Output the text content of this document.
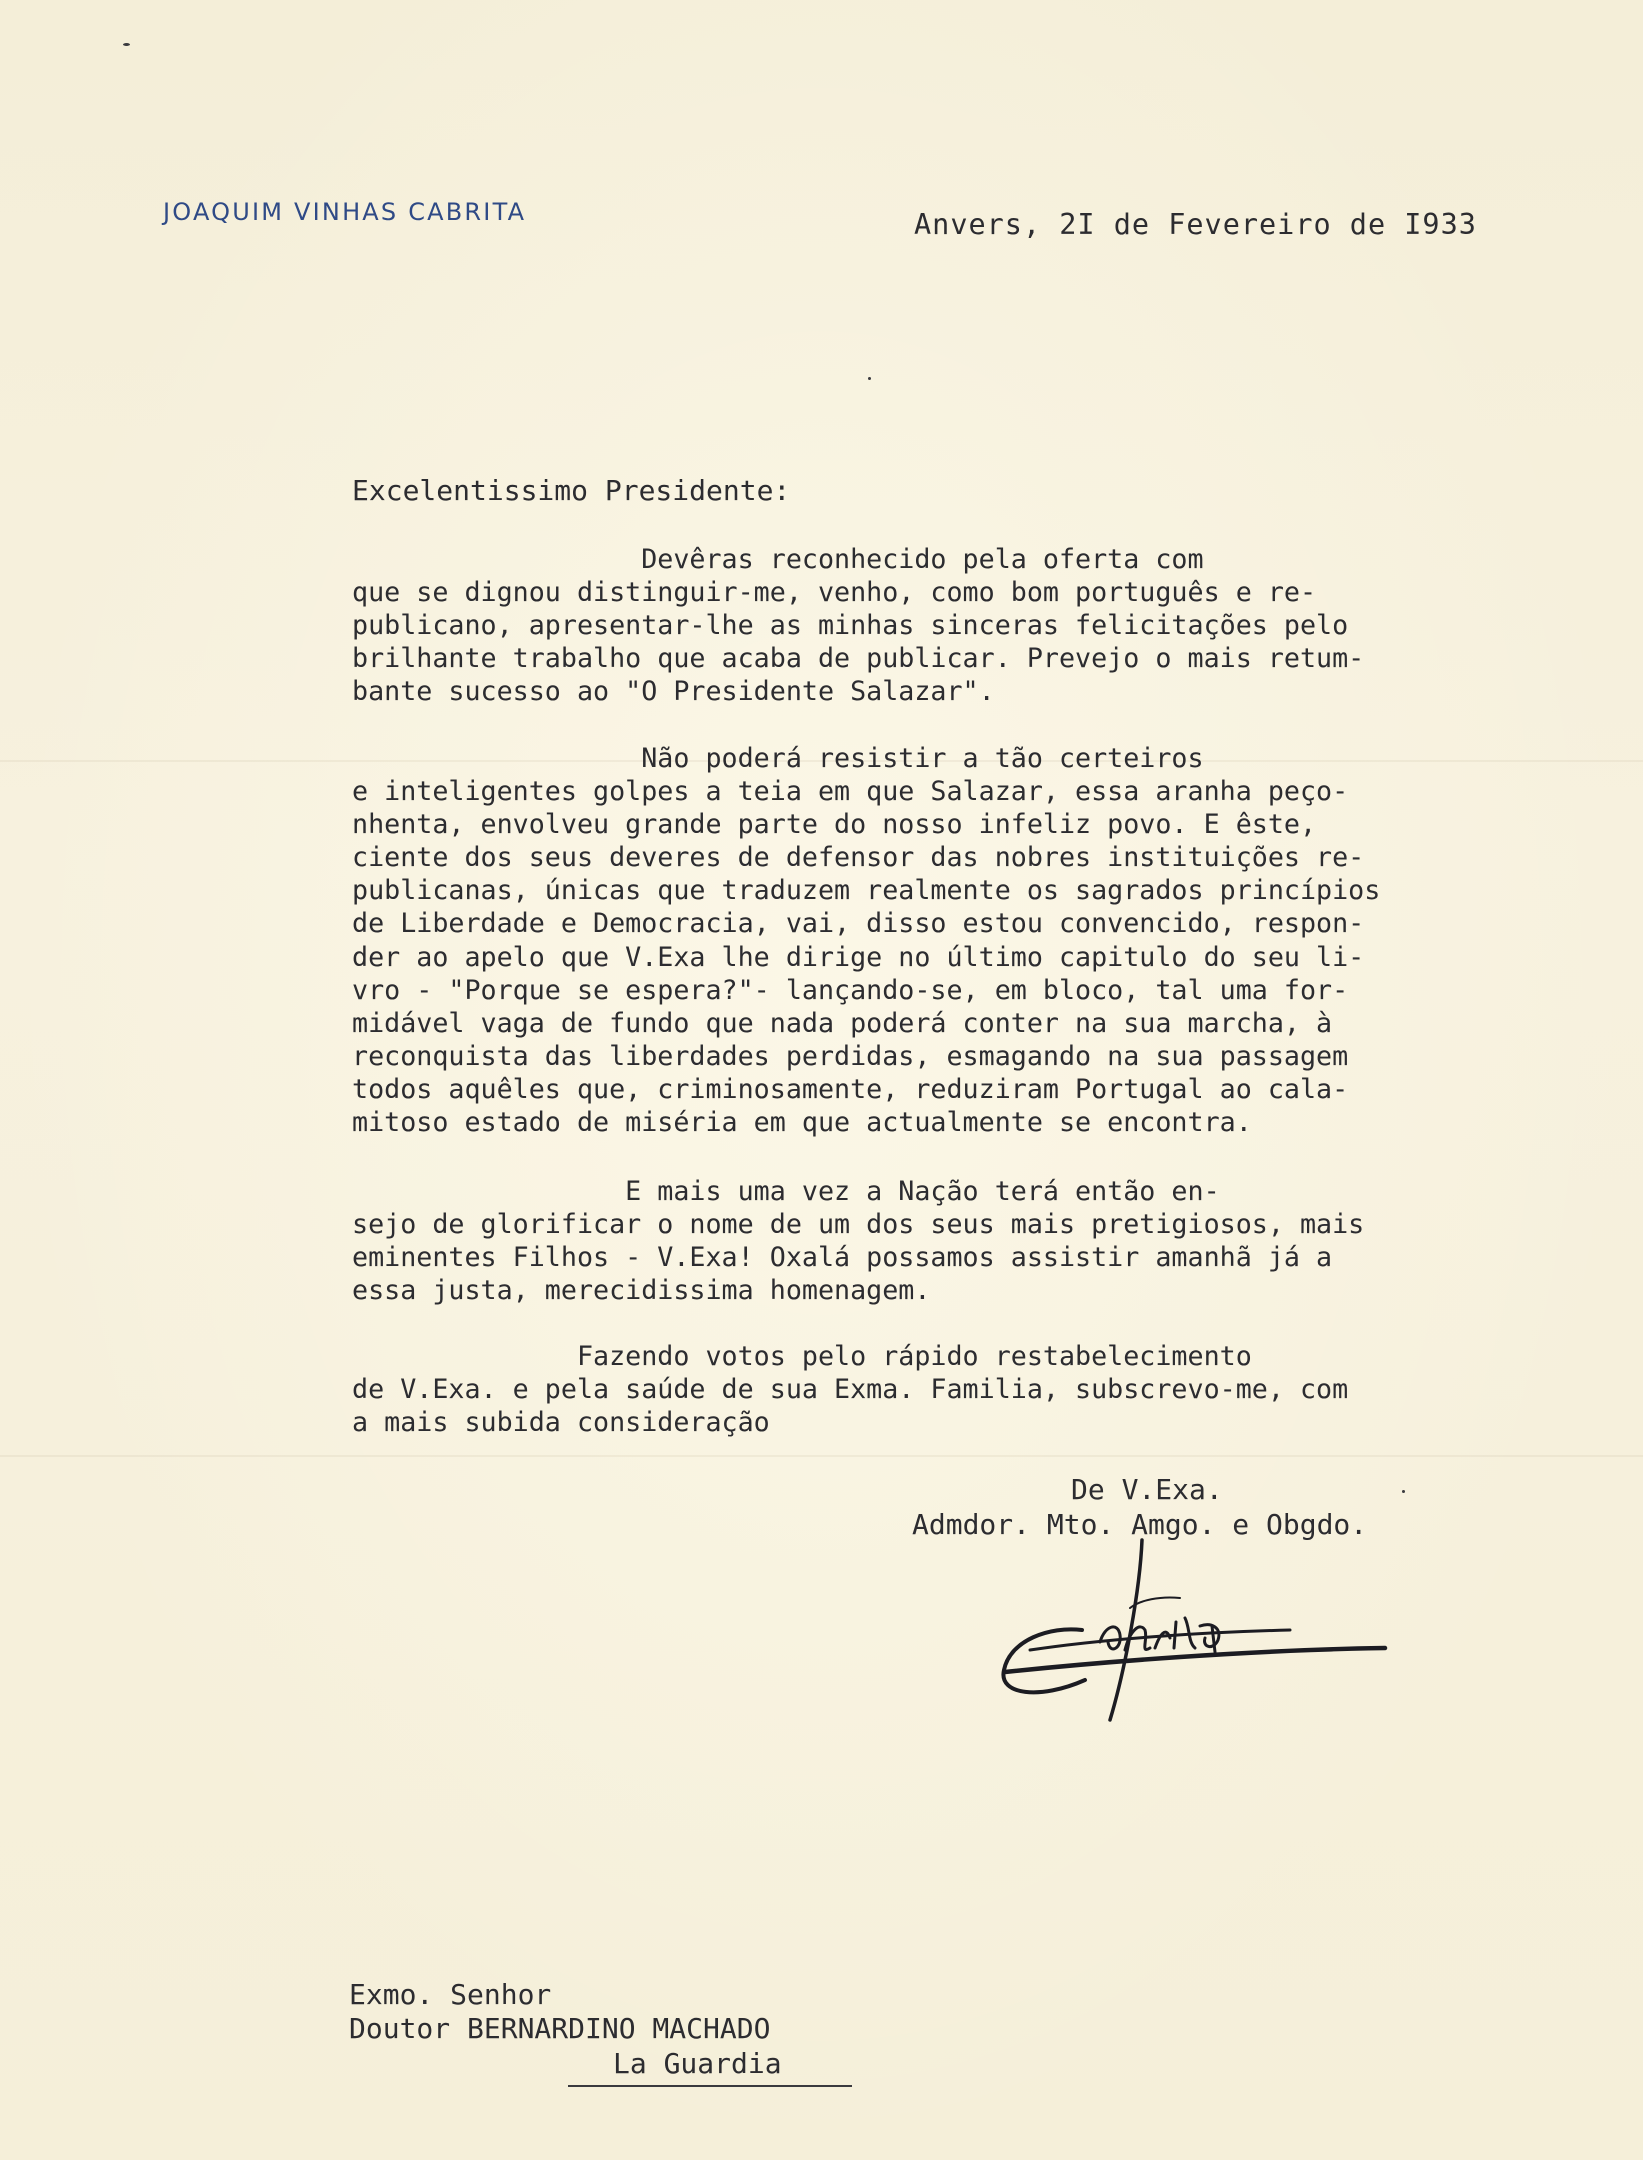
JOAQUIM VINHAS CABRITA	Anvers, 2I de Fevereiro de I933
Excelentissimo Presidente:
Devêras reconhecido pela oferta com
que se dignou distinguir-me, venho, como bom português e re-
publicano, apresentar-lhe as minhas sinceras felicitações pelo
brilhante trabalho que acaba de publicar. Prevejo o mais retum-
bante sucesso ao "O Presidente Salazar".
Não poderá resistir a tão certeiros
e inteligentes golpes a teia em que Salazar, essa aranha peço-
nhenta, envolveu grande parte do nosso infeliz povo. E êste,
ciente dos seus deveres de defensor das nobres instituições re-
publicanas, únicas que traduzem realmente os sagrados princípios
de Liberdade e Democracia, vai, disso estou convencido, respon-
der ao apelo que V.Exa lhe dirige no último capitulo do seu li-
vro - "Porque se espera?"- lançando-se, em bloco, tal uma for-
midável vaga de fundo que nada poderá conter na sua marcha, à
reconquista das liberdades perdidas, esmagando na sua passagem
todos aquêles que, criminosamente, reduziram Portugal ao cala-
mitoso estado de miséria em que actualmente se encontra.
E mais uma vez a Nação terá então en-
sejo de glorificar o nome de um dos seus mais pretigiosos, mais
eminentes Filhos - V.Exa! Oxalá possamos assistir amanhã já a
essa justa, merecidissima homenagem.
Fazendo votos pelo rápido restabelecimento
de V.Exa. e pela saúde de sua Exma. Familia, subscrevo-me, com
a mais subida consideração
De V.Exa.
Admdor. Mto. Amgo. e Obgdo.
Exmo. Senhor
Doutor BERNARDINO MACHADO
La Guardia
